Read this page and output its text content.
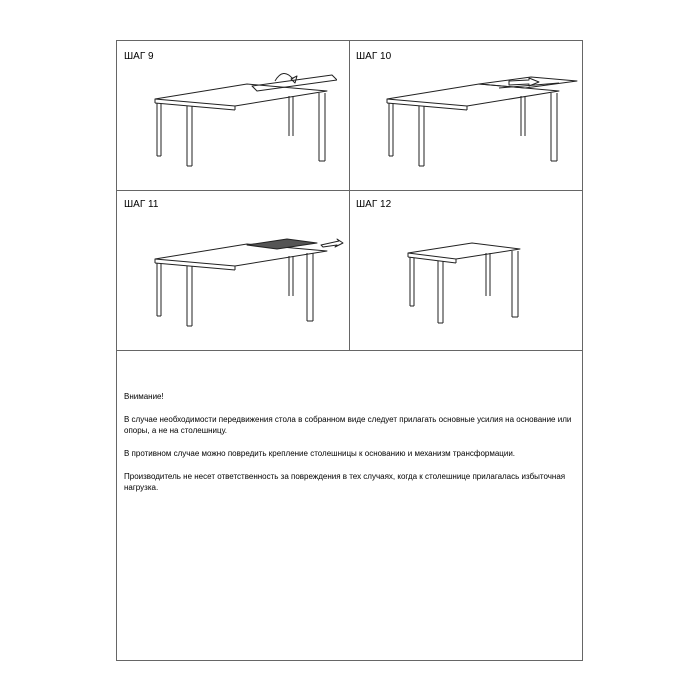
ШАГ 9	ШАГ 10
ШАГ 11	ШАГ 12

Внимание!

В случае необходимости передвижения стола в собранном виде следует прилагать основные усилия на основание или опоры, а не на столешницу.

В противном случае можно повредить крепление столешницы к основанию и механизм трансформации.

Производитель не несет ответственность за повреждения в тех случаях, когда к столешнице прилагалась избыточная нагрузка.
